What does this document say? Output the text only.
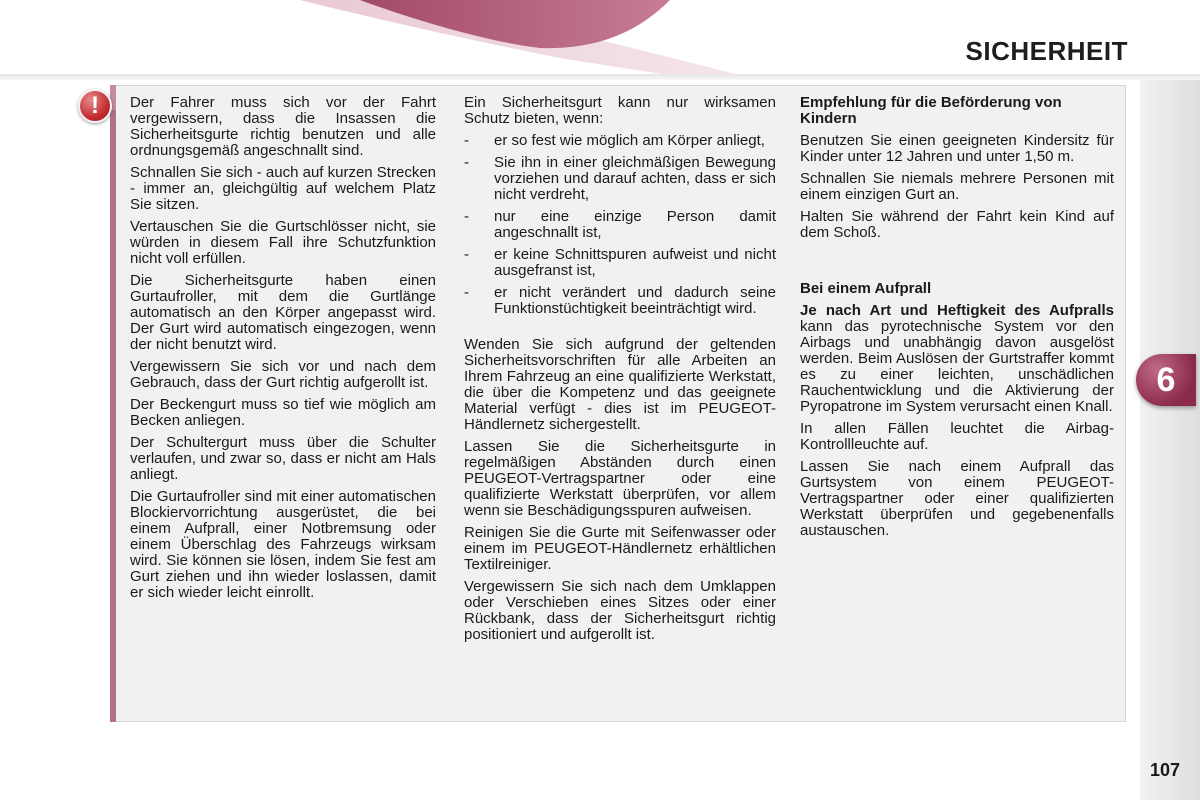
SICHERHEIT
6
!	Der Fahrer muss sich vor der Fahrt vergewissern, dass die Insassen die Sicherheitsgurte richtig benutzen und alle ordnungsgemäß angeschnallt sind.

Schnallen Sie sich - auch auf kurzen Strecken - immer an, gleichgültig auf welchem Platz Sie sitzen.

Vertauschen Sie die Gurtschlösser nicht, sie würden in diesem Fall ihre Schutzfunktion nicht voll erfüllen.

Die Sicherheitsgurte haben einen Gurtaufroller, mit dem die Gurtlänge automatisch an den Körper angepasst wird. Der Gurt wird automatisch eingezogen, wenn der nicht benutzt wird.

Vergewissern Sie sich vor und nach dem Gebrauch, dass der Gurt richtig aufgerollt ist.

Der Beckengurt muss so tief wie möglich am Becken anliegen.

Der Schultergurt muss über die Schulter verlaufen, und zwar so, dass er nicht am Hals anliegt.

Die Gurtaufroller sind mit einer automatischen Blockiervorrichtung ausgerüstet, die bei einem Aufprall, einer Notbremsung oder einem Überschlag des Fahrzeugs wirksam wird. Sie können sie lösen, indem Sie fest am Gurt ziehen und ihn wieder loslassen, damit er sich wieder leicht einrollt.

Ein Sicherheitsgurt kann nur wirksamen Schutz bieten, wenn:

- er so fest wie möglich am Körper anliegt,
- Sie ihn in einer gleichmäßigen Bewegung vorziehen und darauf achten, dass er sich nicht verdreht,
- nur eine einzige Person damit angeschnallt ist,
- er keine Schnittspuren aufweist und nicht ausgefranst ist,
- er nicht verändert und dadurch seine Funktionstüchtigkeit beeinträchtigt wird.

Wenden Sie sich aufgrund der geltenden Sicherheitsvorschriften für alle Arbeiten an Ihrem Fahrzeug an eine qualifizierte Werkstatt, die über die Kompetenz und das geeignete Material verfügt - dies ist im PEUGEOT-Händlernetz sichergestellt.

Lassen Sie die Sicherheitsgurte in regelmäßigen Abständen durch einen PEUGEOT-Vertragspartner oder eine qualifizierte Werkstatt überprüfen, vor allem wenn sie Beschädigungsspuren aufweisen.

Reinigen Sie die Gurte mit Seifenwasser oder einem im PEUGEOT-Händlernetz erhältlichen Textilreiniger.

Vergewissern Sie sich nach dem Umklappen oder Verschieben eines Sitzes oder einer Rückbank, dass der Sicherheitsgurt richtig positioniert und aufgerollt ist.

Empfehlung für die Beförderung von Kindern

Benutzen Sie einen geeigneten Kindersitz für Kinder unter 12 Jahren und unter 1,50 m.

Schnallen Sie niemals mehrere Personen mit einem einzigen Gurt an.

Halten Sie während der Fahrt kein Kind auf dem Schoß.

Bei einem Aufprall

Je nach Art und Heftigkeit des Aufpralls kann das pyrotechnische System vor den Airbags und unabhängig davon ausgelöst werden. Beim Auslösen der Gurtstraffer kommt es zu einer leichten, unschädlichen Rauchentwicklung und die Aktivierung der Pyropatrone im System verursacht einen Knall.

In allen Fällen leuchtet die Airbag-Kontrollleuchte auf.

Lassen Sie nach einem Aufprall das Gurtsystem von einem PEUGEOT-Vertragspartner oder einer qualifizierten Werkstatt überprüfen und gegebenenfalls austauschen.

107
